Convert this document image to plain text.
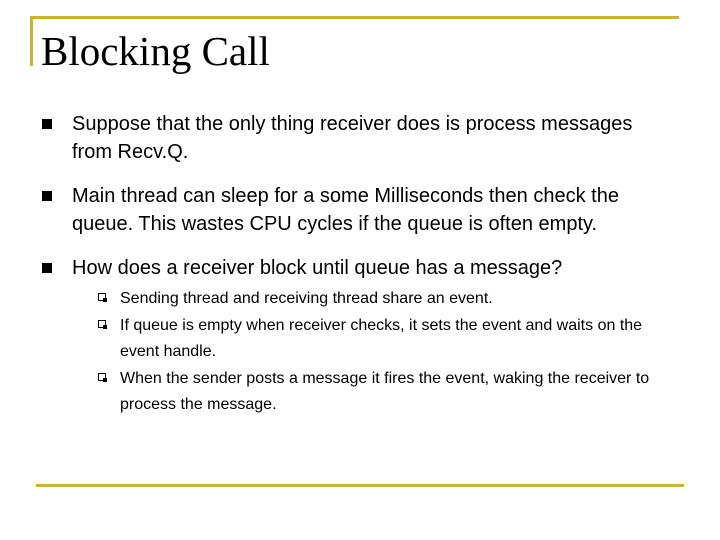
Blocking Call
Suppose that the only thing receiver does is process messages from Recv.Q.
Main thread can sleep for a some Milliseconds then check the queue. This wastes CPU cycles if the queue is often empty.
How does a receiver block until queue has a message?
Sending thread and receiving thread share an event.
If queue is empty when receiver checks, it sets the event and waits on the event handle.
When the sender posts a message it fires the event, waking the receiver to process the message.
